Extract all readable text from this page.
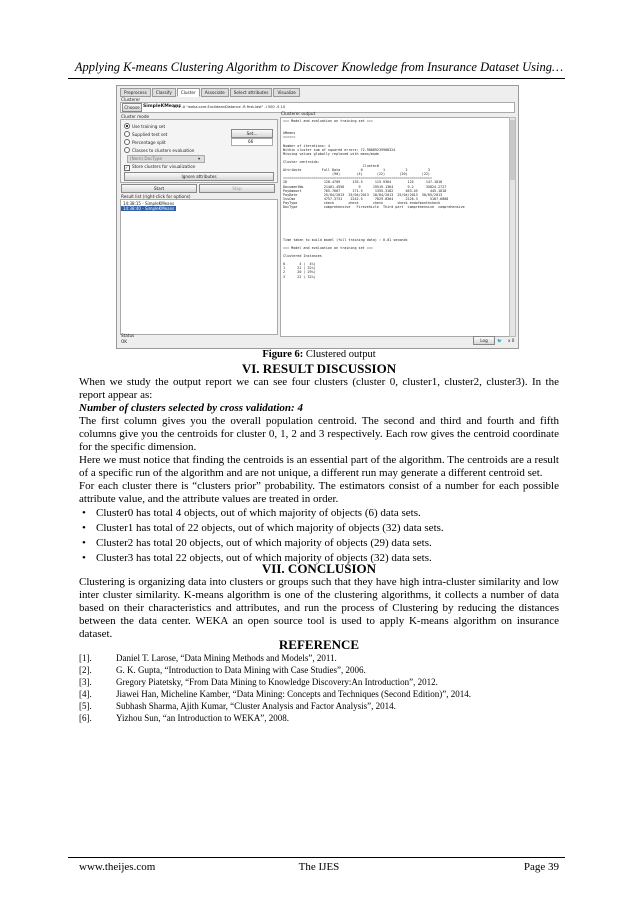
Applying K-means Clustering Algorithm to Discover Knowledge from Insurance Dataset Using…
Preprocess	Classify	Cluster	Associate	Select attributes	Visualize
Clusterer
Choose SimpleKMeans
-N 4 -A "weka.core.EuclideanDistance -R first-last" -I 500 -S 10
Cluster mode
Use training set
Supplied test set	Set...
Percentage split	66
Classes to clusters evaluation
(Nom) DocType	▾
✓ Store clusters for visualization
Ignore attributes
Start	Stop
Result list (right-click for options)
14:38:15 - SimpleKMeans
14:38:40 - SimpleKMeans
Clusterer output
=== Model and evaluation on training set ===

kMeans
======

Number of iterations: 4
Within cluster sum of squared errors: 72.98089235988324
Missing values globally replaced with mean/mode

Cluster centroids:
Cluster#
Attribute          Full Data          0          1          2          3
(90)        (4)       (22)       (20)       (22)
=========================================================================
ID                  128.4709      135.5      115.9364        125      147.1818
DocumentNo          21401.4556       9      19519.1364       9.2      35824.2727
PayAmount           765.7667      171.5      1355.3182      463.45      445.1818
PayDate             25/04/2013  25/04/2013  18/04/2013  25/04/2013  30/05/2013
IssCmo              4757.3731    2242.5      7029.8364      2226.3      5187.6868
PayType             check       check       check       check endofmonthcheck
DocType             comprehensive   Firevehicle  Third part  comprehensive  comprehensive

Time taken to build model (full training data) : 0.01 seconds

=== Model and evaluation on training set ===

Clustered Instances

0       4 (  4%)
1      22 ( 32%)
2      20 ( 29%)
3      22 ( 32%)
Status
OK	Log	🐦 x 0
Figure 6: Clustered output
VI. RESULT DISCUSSION
When we study the output report we can see four clusters (cluster 0, cluster1, cluster2, cluster3). In the report appear as:
Number of clusters selected by cross validation: 4
The first column gives you the overall population centroid. The second and third and fourth and fifth columns give you the centroids for cluster 0, 1, 2 and 3 respectively. Each row gives the centroid coordinate for the specific dimension.
Here we must notice that finding the centroids is an essential part of the algorithm. The centroids are a result of a specific run of the algorithm and are not unique, a different run may generate a different centroid set.
For each cluster there is “clusters prior” probability. The estimators consist of a number for each possible attribute value, and the attribute values are treated in order.
• Cluster0 has total 4 objects, out of which majority of objects (6) data sets.
• Cluster1 has total of 22 objects, out of which majority of objects (32) data sets.
• Cluster2 has total 20 objects, out of which majority of objects (29) data sets.
• Cluster3 has total 22 objects, out of which majority of objects (32) data sets.
VII. CONCLUSION
Clustering is organizing data into clusters or groups such that they have high intra-cluster similarity and low inter cluster similarity. K-means algorithm is one of the clustering algorithms, it collects a number of data based on their characteristics and attributes, and run the process of Clustering by reducing the distances between the data center. WEKA an open source tool is used to apply K-means algorithm on insurance dataset.
REFERENCE
[1].	Daniel T. Larose, “Data Mining Methods and Models”, 2011.
[2].	G. K. Gupta, “Introduction to Data Mining with Case Studies”, 2006.
[3].	Gregory Piatetsky, “From Data Mining to Knowledge Discovery:An Introduction”, 2012.
[4].	Jiawei Han, Micheline Kamber, “Data Mining: Concepts and Techniques (Second Edition)”, 2014.
[5].	Subhash Sharma, Ajith Kumar, “Cluster Analysis and Factor Analysis”, 2014.
[6].	Yizhou Sun, “an Introduction to WEKA”, 2008.
www.theijes.com	The IJES	Page 39
